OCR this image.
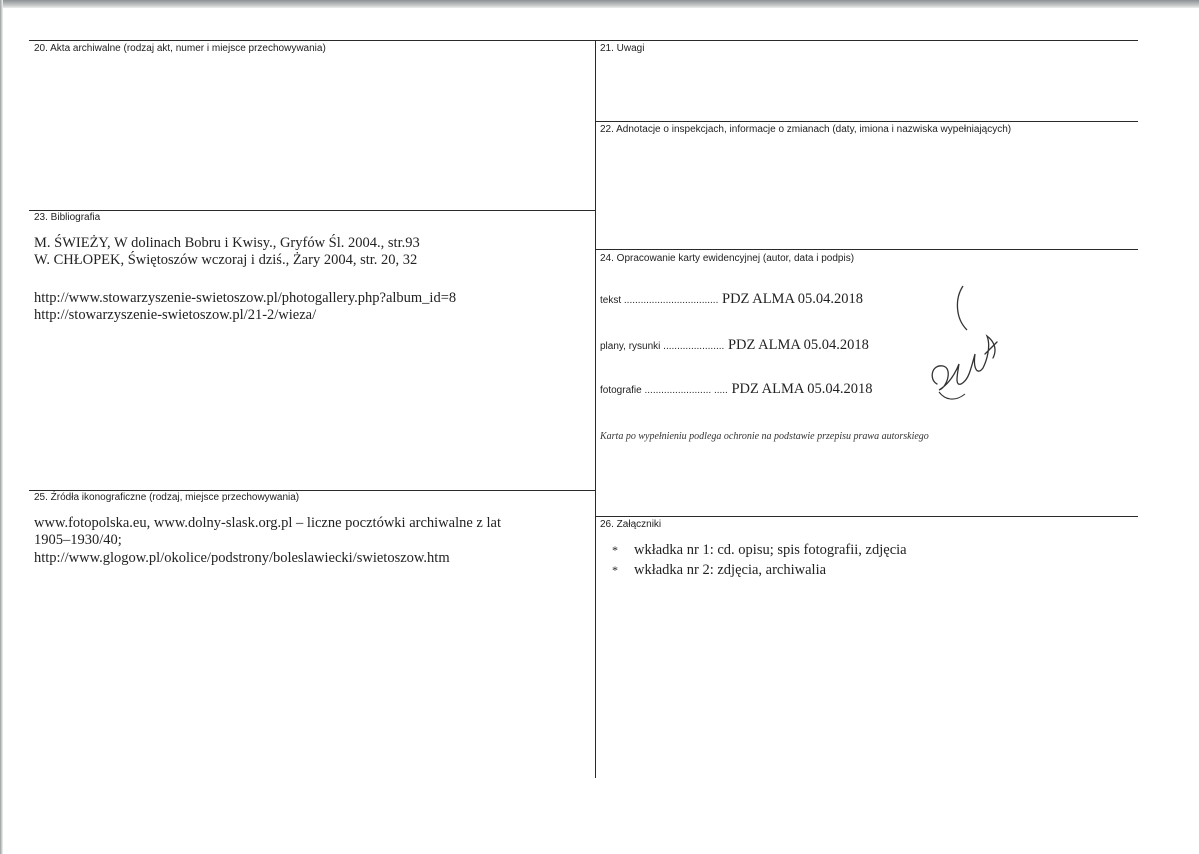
20. Akta archiwalne (rodzaj akt, numer i miejsce przechowywania)	21. Uwagi
22. Adnotacje o inspekcjach, informacje o zmianach (daty, imiona i nazwiska wypełniających)
23. Bibliografia
M. ŚWIEŻY, W dolinach Bobru i Kwisy., Gryfów Śl. 2004., str.93
W. CHŁOPEK, Świętoszów wczoraj i dziś., Żary 2004, str. 20, 32
http://www.stowarzyszenie-swietoszow.pl/photogallery.php?album_id=8
http://stowarzyszenie-swietoszow.pl/21-2/wieza/
24. Opracowanie karty ewidencyjnej (autor, data i podpis)
tekst .................................. PDZ ALMA 05.04.2018
plany, rysunki ...................... PDZ ALMA 05.04.2018
fotografie ........................ ..... PDZ ALMA 05.04.2018
Karta po wypełnieniu podlega ochronie na podstawie przepisu prawa autorskiego
25. Źródła ikonograficzne (rodzaj, miejsce przechowywania)
www.fotopolska.eu, www.dolny-slask.org.pl – liczne pocztówki archiwalne z lat
1905–1930/40;
http://www.glogow.pl/okolice/podstrony/boleslawiecki/swietoszow.htm
26. Załączniki
* wkładka nr 1: cd. opisu; spis fotografii, zdjęcia
* wkładka nr 2: zdjęcia, archiwalia
